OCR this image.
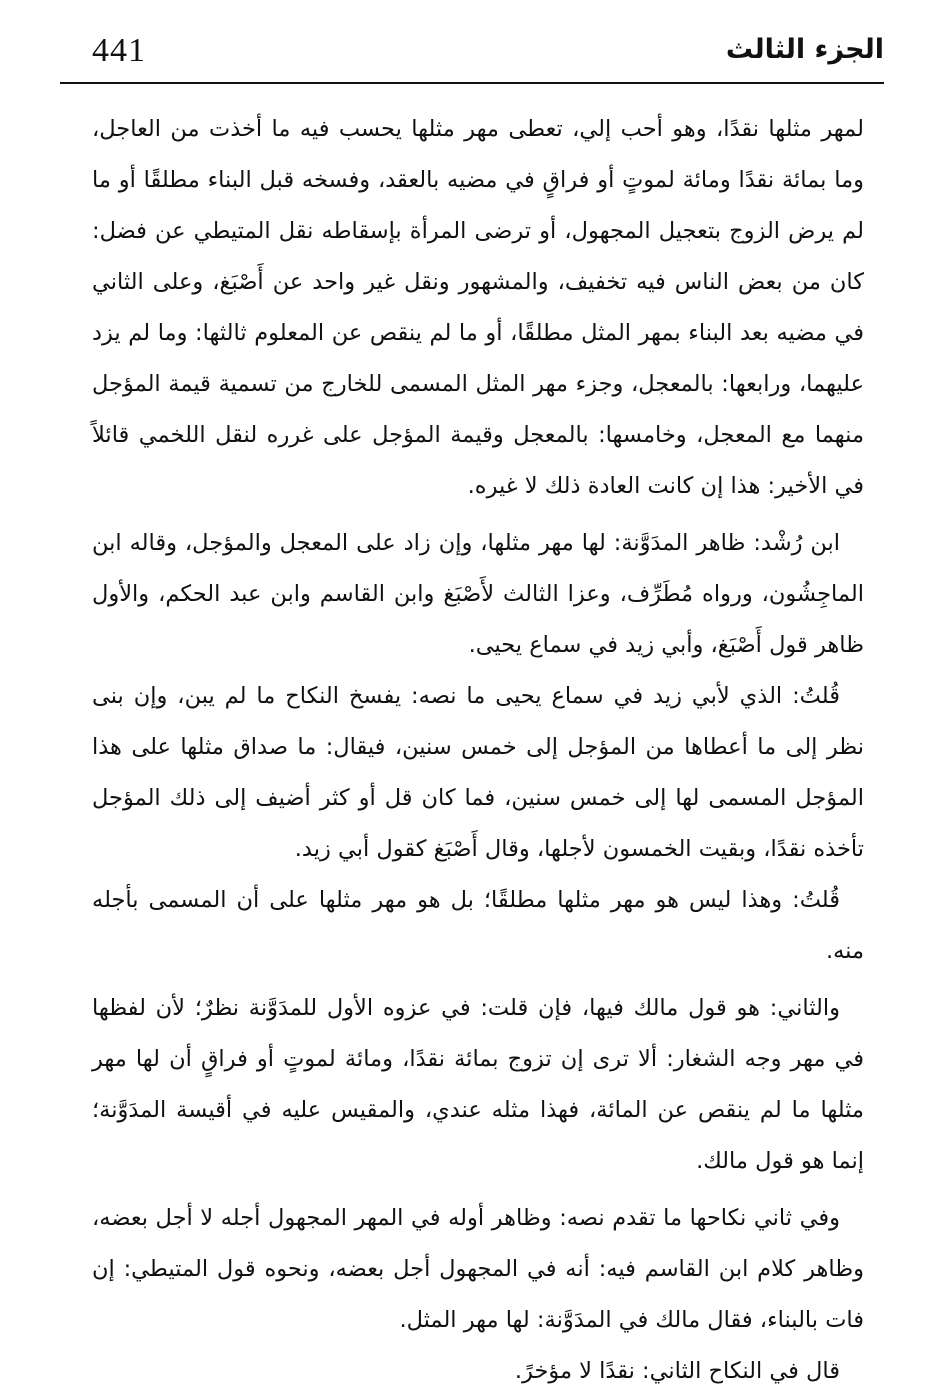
441	الجزء الثالث

لمهر مثلها نقدًا، وهو أحب إلي، تعطى مهر مثلها يحسب فيه ما أخذت من العاجل، وما بمائة نقدًا ومائة لموتٍ أو فراقٍ في مضيه بالعقد، وفسخه قبل البناء مطلقًا أو ما لم يرض الزوج بتعجيل المجهول، أو ترضى المرأة بإسقاطه نقل المتيطي عن فضل: كان من بعض الناس فيه تخفيف، والمشهور ونقل غير واحد عن أَصْبَغ، وعلى الثاني في مضيه بعد البناء بمهر المثل مطلقًا، أو ما لم ينقص عن المعلوم ثالثها: وما لم يزد عليهما، ورابعها: بالمعجل، وجزء مهر المثل المسمى للخارج من تسمية قيمة المؤجل منهما مع المعجل، وخامسها: بالمعجل وقيمة المؤجل على غرره لنقل اللخمي قائلاً في الأخير: هذا إن كانت العادة ذلك لا غيره.

ابن رُشْد: ظاهر المدَوَّنة: لها مهر مثلها، وإن زاد على المعجل والمؤجل، وقاله ابن الماجِشُون، ورواه مُطَرِّف، وعزا الثالث لأَصْبَغ وابن القاسم وابن عبد الحكم، والأول ظاهر قول أَصْبَغ، وأبي زيد في سماع يحيى.

قُلتُ: الذي لأبي زيد في سماع يحيى ما نصه: يفسخ النكاح ما لم يبن، وإن بنى نظر إلى ما أعطاها من المؤجل إلى خمس سنين، فيقال: ما صداق مثلها على هذا المؤجل المسمى لها إلى خمس سنين، فما كان قل أو كثر أضيف إلى ذلك المؤجل تأخذه نقدًا، وبقيت الخمسون لأجلها، وقال أَصْبَغ كقول أبي زيد.

قُلتُ: وهذا ليس هو مهر مثلها مطلقًا؛ بل هو مهر مثلها على أن المسمى بأجله منه.

والثاني: هو قول مالك فيها، فإن قلت: في عزوه الأول للمدَوَّنة نظرٌ؛ لأن لفظها في مهر وجه الشغار: ألا ترى إن تزوج بمائة نقدًا، ومائة لموتٍ أو فراقٍ أن لها مهر مثلها ما لم ينقص عن المائة، فهذا مثله عندي، والمقيس عليه في أقيسة المدَوَّنة؛ إنما هو قول مالك.

وفي ثاني نكاحها ما تقدم نصه: وظاهر أوله في المهر المجهول أجله لا أجل بعضه، وظاهر كلام ابن القاسم فيه: أنه في المجهول أجل بعضه، ونحوه قول المتيطي: إن فات بالبناء، فقال مالك في المدَوَّنة: لها مهر المثل.

قال في النكاح الثاني: نقدًا لا مؤخرً.
